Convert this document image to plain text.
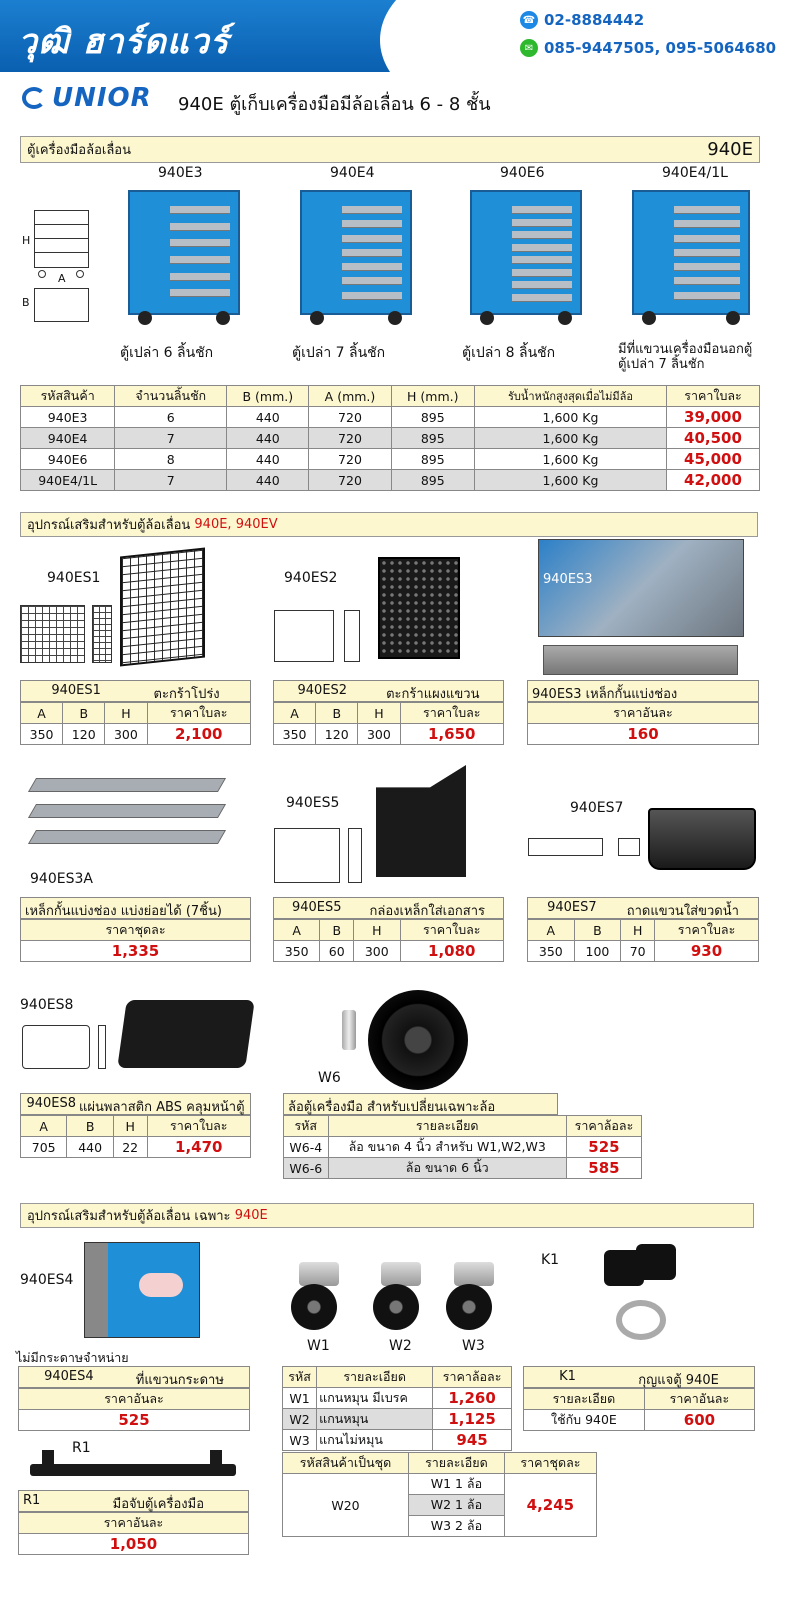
วุฒิ ฮาร์ดแวร์
☎ 02-8884442
✉ 085-9447505, 095-5064680
UNIOR 940E ตู้เก็บเครื่องมือมีล้อเลื่อน 6 - 8 ชั้น
ตู้เครื่องมือล้อเลื่อน	940E
H
A
B
940E3
ตู้เปล่า 6 ลิ้นชัก
940E4
ตู้เปล่า 7 ลิ้นชัก
940E6
ตู้เปล่า 8 ลิ้นชัก
940E4/1L
มีที่แขวนเครื่องมือนอกตู้
ตู้เปล่า 7 ลิ้นชัก
รหัสสินค้า	จำนวนลิ้นชัก	B (mm.)	A (mm.)	H (mm.)	รับน้ำหนักสูงสุดเมื่อไม่มีล้อ	ราคาใบละ
940E3	6	440	720	895	1,600 Kg	39,000
940E4	7	440	720	895	1,600 Kg	40,500
940E6	8	440	720	895	1,600 Kg	45,000
940E4/1L	7	440	720	895	1,600 Kg	42,000
อุปกรณ์เสริมสำหรับตู้ล้อเลื่อน
940E, 940EV
940ES1
940ES1	ตะกร้าโปร่ง
A	B	H	ราคาใบละ
350	120	300	2,100
940ES2
940ES2	ตะกร้าแผงแขวน
A	B	H	ราคาใบละ
350	120	300	1,650
940ES3
940ES3 เหล็กกั้นแบ่งช่อง
ราคาอันละ
160
940ES3A
เหล็กกั้นแบ่งช่อง แบ่งย่อยได้ (7ชิ้น)
ราคาชุดละ
1,335
940ES5
940ES5 กล่องเหล็กใส่เอกสาร
A	B	H	ราคาใบละ
350	60	300	1,080
940ES7
940ES7 ถาดแขวนใส่ขวดน้ำ
A	B	H	ราคาใบละ
350	100	70	930
940ES8
940ES8 แผ่นพลาสติก ABS คลุมหน้าตู้
A	B	H	ราคาใบละ
705	440	22	1,470
W6
ล้อตู้เครื่องมือ สำหรับเปลี่ยนเฉพาะล้อ
รหัส	รายละเอียด	ราคาล้อละ
W6-4	ล้อ ขนาด 4 นิ้ว สำหรับ W1,W2,W3	525
W6-6	ล้อ ขนาด 6 นิ้ว	585
อุปกรณ์เสริมสำหรับตู้ล้อเลื่อน เฉพาะ
940E
940ES4
ไม่มีกระดาษจำหน่าย
940ES4	ที่แขวนกระดาษ
ราคาอันละ
525
W1	W2	W3
K1
K1	กุญแจตู้ 940E
รายละเอียด	ราคาอันละ
ใช้กับ 940E	600
รหัส	รายละเอียด	ราคาล้อละ
W1	แกนหมุน มีเบรค	1,260
W2	แกนหมุน	1,125
W3	แกนไม่หมุน	945
รหัสสินค้าเป็นชุด	รายละเอียด	ราคาชุดละ
W20	W1 1 ล้อ	4,245
	W2 1 ล้อ	
	W3 2 ล้อ	
R1
R1	มือจับตู้เครื่องมือ
ราคาอันละ
1,050
